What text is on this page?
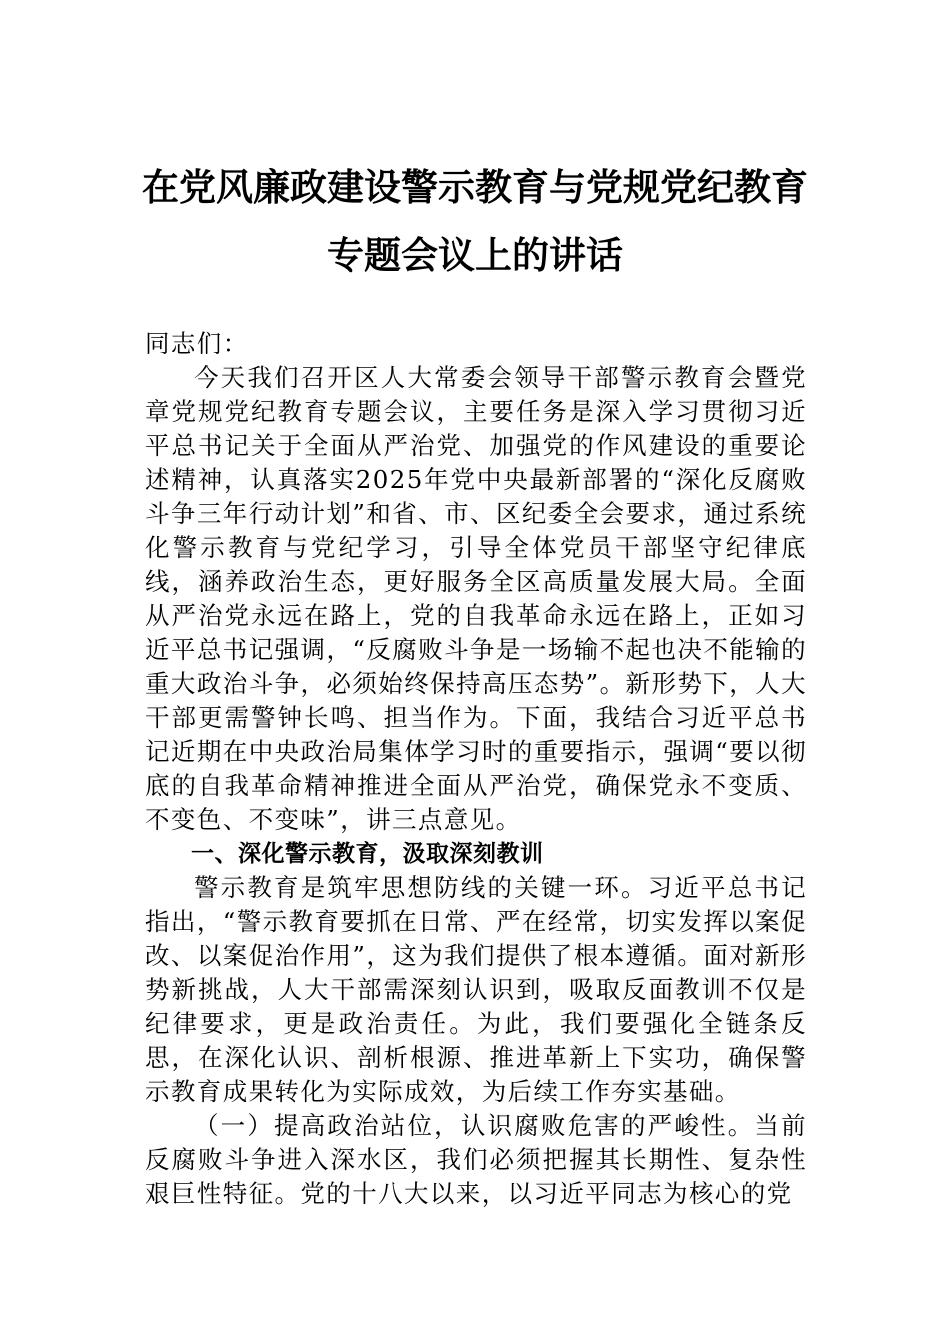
在党风廉政建设警示教育与党规党纪教育
专题会议上的讲话

同志们：

今天我们召开区人大常委会领导干部警示教育会暨党章党规党纪教育专题会议，主要任务是深入学习贯彻习近平总书记关于全面从严治党、加强党的作风建设的重要论述精神，认真落实2025年党中央最新部署的“深化反腐败斗争三年行动计划”和省、市、区纪委全会要求，通过系统化警示教育与党纪学习，引导全体党员干部坚守纪律底线，涵养政治生态，更好服务全区高质量发展大局。全面从严治党永远在路上，党的自我革命永远在路上，正如习近平总书记强调，“反腐败斗争是一场输不起也决不能输的重大政治斗争，必须始终保持高压态势”。新形势下，人大干部更需警钟长鸣、担当作为。下面，我结合习近平总书记近期在中央政治局集体学习时的重要指示，强调“要以彻底的自我革命精神推进全面从严治党，确保党永不变质、不变色、不变味”，讲三点意见。

一、深化警示教育，汲取深刻教训

警示教育是筑牢思想防线的关键一环。习近平总书记指出，“警示教育要抓在日常、严在经常，切实发挥以案促改、以案促治作用”，这为我们提供了根本遵循。面对新形势新挑战，人大干部需深刻认识到，吸取反面教训不仅是纪律要求，更是政治责任。为此，我们要强化全链条反思，在深化认识、剖析根源、推进革新上下实功，确保警示教育成果转化为实际成效，为后续工作夯实基础。

（一）提高政治站位，认识腐败危害的严峻性。当前反腐败斗争进入深水区，我们必须把握其长期性、复杂性艰巨性特征。党的十八大以来，以习近平同志为核心的党
